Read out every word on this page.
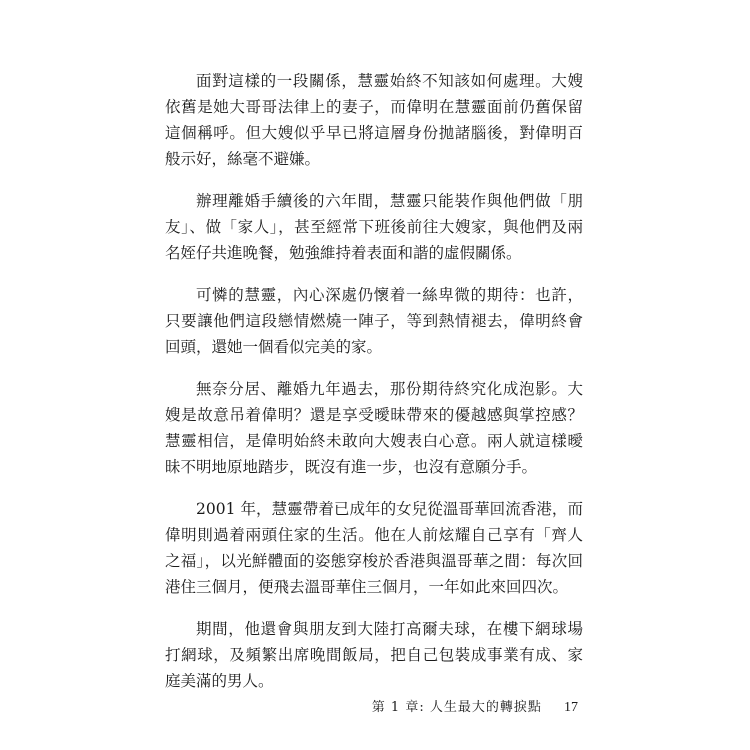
面對這樣的一段關係，慧靈始終不知該如何處理。大嫂依舊是她大哥哥法律上的妻子，而偉明在慧靈面前仍舊保留這個稱呼。但大嫂似乎早已將這層身份拋諸腦後，對偉明百般示好，絲毫不避嫌。

辦理離婚手續後的六年間，慧靈只能裝作與他們做「朋友」、做「家人」，甚至經常下班後前往大嫂家，與他們及兩名姪仔共進晚餐，勉強維持着表面和諧的虛假關係。

可憐的慧靈，內心深處仍懷着一絲卑微的期待：也許，只要讓他們這段戀情燃燒一陣子，等到熱情褪去，偉明終會回頭，還她一個看似完美的家。

無奈分居、離婚九年過去，那份期待終究化成泡影。大嫂是故意吊着偉明？還是享受曖昧帶來的優越感與掌控感？慧靈相信，是偉明始終未敢向大嫂表白心意。兩人就這樣曖昧不明地原地踏步，既沒有進一步，也沒有意願分手。

2001 年，慧靈帶着已成年的女兒從溫哥華回流香港，而偉明則過着兩頭住家的生活。他在人前炫耀自己享有「齊人之福」，以光鮮體面的姿態穿梭於香港與溫哥華之間：每次回港住三個月，便飛去溫哥華住三個月，一年如此來回四次。

期間，他還會與朋友到大陸打高爾夫球，在樓下網球場打網球，及頻繁出席晚間飯局，把自己包裝成事業有成、家庭美滿的男人。

第 1 章: 人生最大的轉捩點 17
